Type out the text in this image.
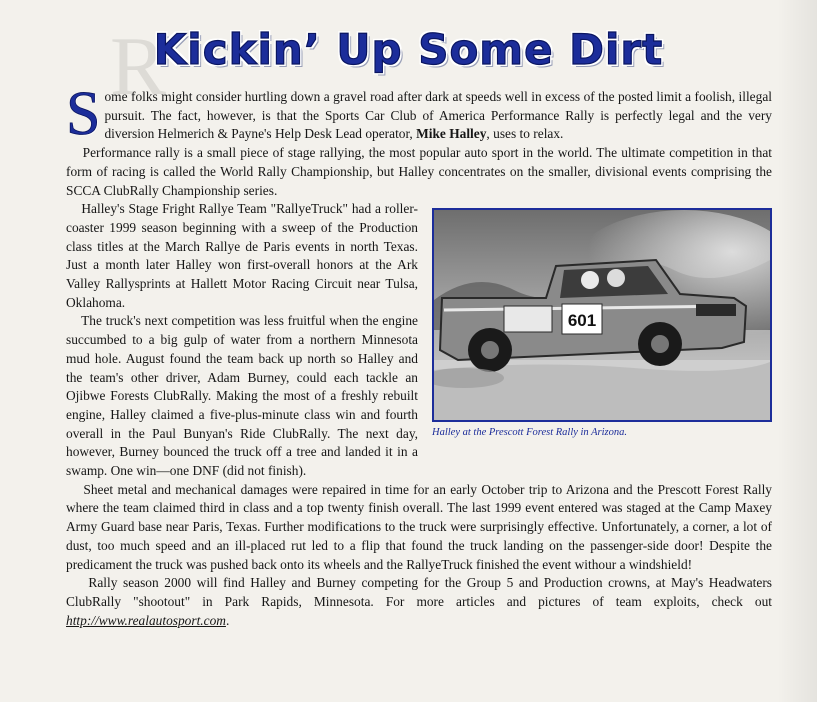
R
Kickin’ Up Some Dirt

Some folks might consider hurtling down a gravel road after dark at speeds well in excess of the posted limit a foolish, illegal pursuit. The fact, however, is that the Sports Car Club of America Performance Rally is perfectly legal and the very diversion Helmerich & Payne's Help Desk Lead operator, Mike Halley, uses to relax.

Performance rally is a small piece of stage rallying, the most popular auto sport in the world. The ultimate competition in that form of racing is called the World Rally Championship, but Halley concentrates on the smaller, divisional events comprising the SCCA ClubRally Championship series.

601
Halley at the Prescott Forest Rally in Arizona.

Halley's Stage Fright Rallye Team "RallyeTruck" had a roller-coaster 1999 season beginning with a sweep of the Production class titles at the March Rallye de Paris events in north Texas. Just a month later Halley won first-overall honors at the Ark Valley Rallysprints at Hallett Motor Racing Circuit near Tulsa, Oklahoma.

The truck's next competition was less fruitful when the engine succumbed to a big gulp of water from a northern Minnesota mud hole. August found the team back up north so Halley and the team's other driver, Adam Burney, could each tackle an Ojibwe Forests ClubRally. Making the most of a freshly rebuilt engine, Halley claimed a five-plus-minute class win and fourth overall in the Paul Bunyan's Ride ClubRally. The next day, however, Burney bounced the truck off a tree and landed it in a swamp. One win—one DNF (did not finish).

Sheet metal and mechanical damages were repaired in time for an early October trip to Arizona and the Prescott Forest Rally where the team claimed third in class and a top twenty finish overall. The last 1999 event entered was staged at the Camp Maxey Army Guard base near Paris, Texas. Further modifications to the truck were surprisingly effective. Unfortunately, a corner, a lot of dust, too much speed and an ill-placed rut led to a flip that found the truck landing on the passenger-side door! Despite the predicament the truck was pushed back onto its wheels and the RallyeTruck finished the event withour a windshield!

Rally season 2000 will find Halley and Burney competing for the Group 5 and Production crowns, at May's Headwaters ClubRally "shootout" in Park Rapids, Minnesota. For more articles and pictures of team exploits, check out http://www.realautosport.com.
